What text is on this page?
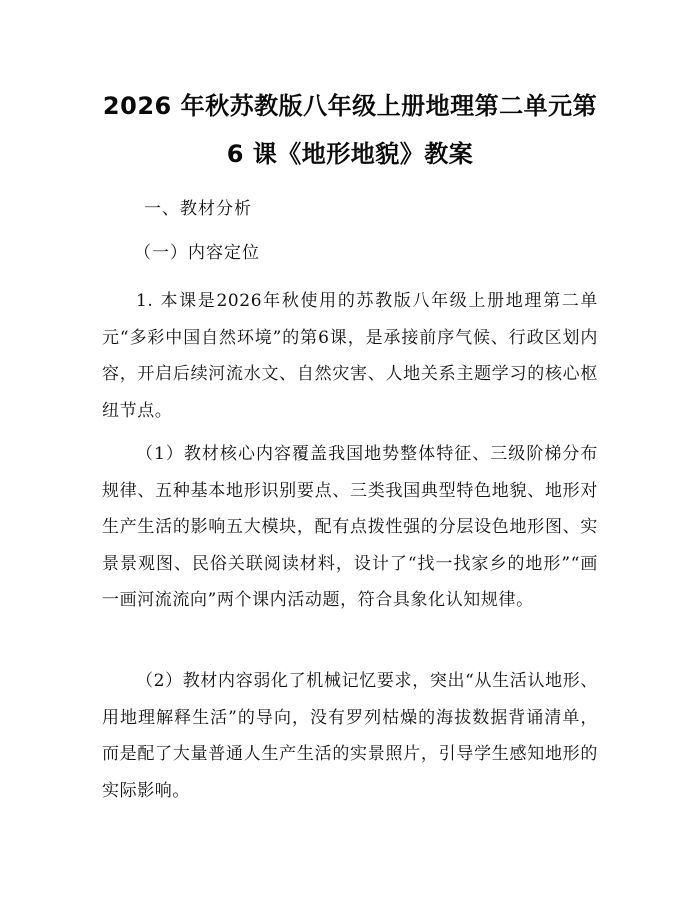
2026 年秋苏教版八年级上册地理第二单元第
6 课《地形地貌》教案

一、教材分析

（一）内容定位

1. 本课是2026年秋使用的苏教版八年级上册地理第二单元“多彩中国自然环境”的第6课，是承接前序气候、行政区划内容，开启后续河流水文、自然灾害、人地关系主题学习的核心枢纽节点。

（1）教材核心内容覆盖我国地势整体特征、三级阶梯分布规律、五种基本地形识别要点、三类我国典型特色地貌、地形对生产生活的影响五大模块，配有点拨性强的分层设色地形图、实景景观图、民俗关联阅读材料，设计了“找一找家乡的地形”“画一画河流流向”两个课内活动题，符合具象化认知规律。

（2）教材内容弱化了机械记忆要求，突出“从生活认地形、用地理解释生活”的导向，没有罗列枯燥的海拔数据背诵清单，而是配了大量普通人生产生活的实景照片，引导学生感知地形的实际影响。
